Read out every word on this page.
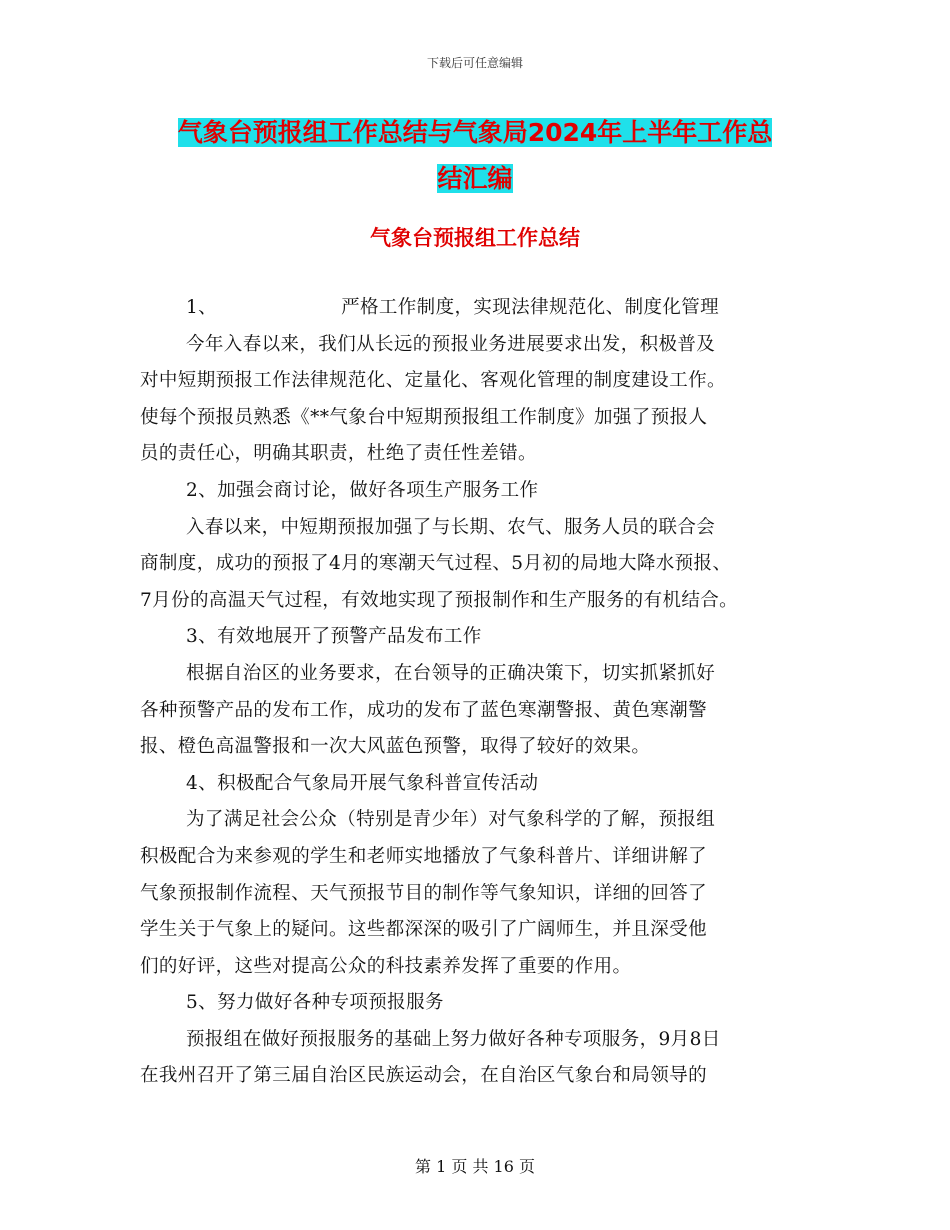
下载后可任意编辑
气象台预报组工作总结与气象局2024年上半年工作总
结汇编
气象台预报组工作总结
1、	严格工作制度，实现法律规范化、制度化管理
今年入春以来，我们从长远的预报业务进展要求出发，积极普及
对中短期预报工作法律规范化、定量化、客观化管理的制度建设工作。
使每个预报员熟悉《**气象台中短期预报组工作制度》加强了预报人
员的责任心，明确其职责，杜绝了责任性差错。
2、加强会商讨论，做好各项生产服务工作
入春以来，中短期预报加强了与长期、农气、服务人员的联合会
商制度，成功的预报了4月的寒潮天气过程、5月初的局地大降水预报、
7月份的高温天气过程，有效地实现了预报制作和生产服务的有机结合。
3、有效地展开了预警产品发布工作
根据自治区的业务要求，在台领导的正确决策下，切实抓紧抓好
各种预警产品的发布工作，成功的发布了蓝色寒潮警报、黄色寒潮警
报、橙色高温警报和一次大风蓝色预警，取得了较好的效果。
4、积极配合气象局开展气象科普宣传活动
为了满足社会公众（特别是青少年）对气象科学的了解，预报组
积极配合为来参观的学生和老师实地播放了气象科普片、详细讲解了
气象预报制作流程、天气预报节目的制作等气象知识，详细的回答了
学生关于气象上的疑问。这些都深深的吸引了广阔师生，并且深受他
们的好评，这些对提高公众的科技素养发挥了重要的作用。
5、努力做好各种专项预报服务
预报组在做好预报服务的基础上努力做好各种专项服务，9月8日
在我州召开了第三届自治区民族运动会，在自治区气象台和局领导的
第 1 页 共 16 页
